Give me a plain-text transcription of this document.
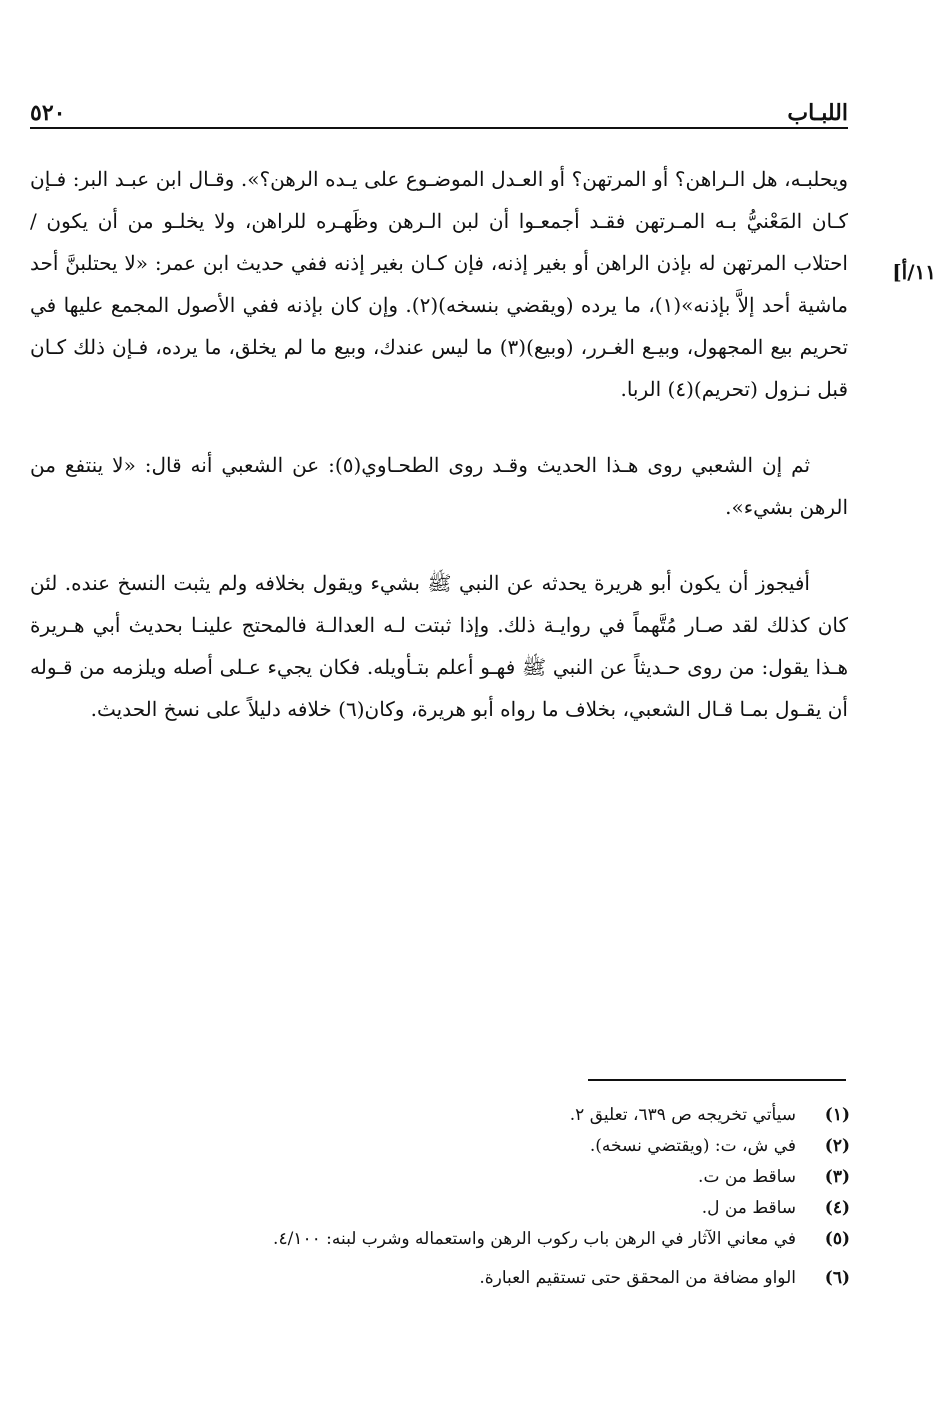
٥٢٠	اللبـاب
١١/أ]

ويحلبـه، هل الـراهن؟ أو المرتهن؟ أو العـدل الموضـوع على يـده الرهن؟». وقـال ابن عبـد البر: فـإن كـان المَعْنيُّ بـه المـرتهن فقـد أجمعـوا أن لبن الـرهن وظَهـره للراهن، ولا يخلـو من أن يكون / احتلاب المرتهن له بإذن الراهن أو بغير إذنه، فإن كـان بغير إذنه ففي حديث ابن عمر: «لا يحتلبنَّ أحد ماشية أحد إلاَّ بإذنه»(١)، ما يرده (ويقضي بنسخه)(٢). وإن كان بإذنه ففي الأصول المجمع عليها في تحريم بيع المجهول، وبيـع الغـرر، (وبيع)(٣) ما ليس عندك، وبيع ما لم يخلق، ما يرده، فـإن ذلك كـان قبل نـزول (تحريم)(٤) الربا.

ثم إن الشعبي روى هـذا الحديث وقـد روى الطحـاوي(٥): عن الشعبي أنه قال: «لا ينتفع من الرهن بشيء».

أفيجوز أن يكون أبو هريرة يحدثه عن النبي ﷺ بشيء ويقول بخلافه ولم يثبت النسخ عنده. لئن كان كذلك لقد صـار مُتَّهماً في روايـة ذلك. وإذا ثبتت لـه العدالـة فالمحتج علينـا بحديث أبي هـريرة هـذا يقول: من روى حـديثاً عن النبي ﷺ فهـو أعلم بتـأويله. فكان يجيء عـلى أصله ويلزمه من قـوله أن يقـول بمـا قـال الشعبي، بخلاف ما رواه أبو هريرة، وكان(٦) خلافه دليلاً على نسخ الحديث.

(١)
سيأتي تخريجه ص ٦٣٩، تعليق ٢.
(٢)
في ش، ت: (ويقتضي نسخه).
(٣)
ساقط من ت.
(٤)
ساقط من ل.
(٥)
في معاني الآثار في الرهن باب ركوب الرهن واستعماله وشرب لبنه: ٤/١٠٠.
(٦)
الواو مضافة من المحقق حتى تستقيم العبارة.
